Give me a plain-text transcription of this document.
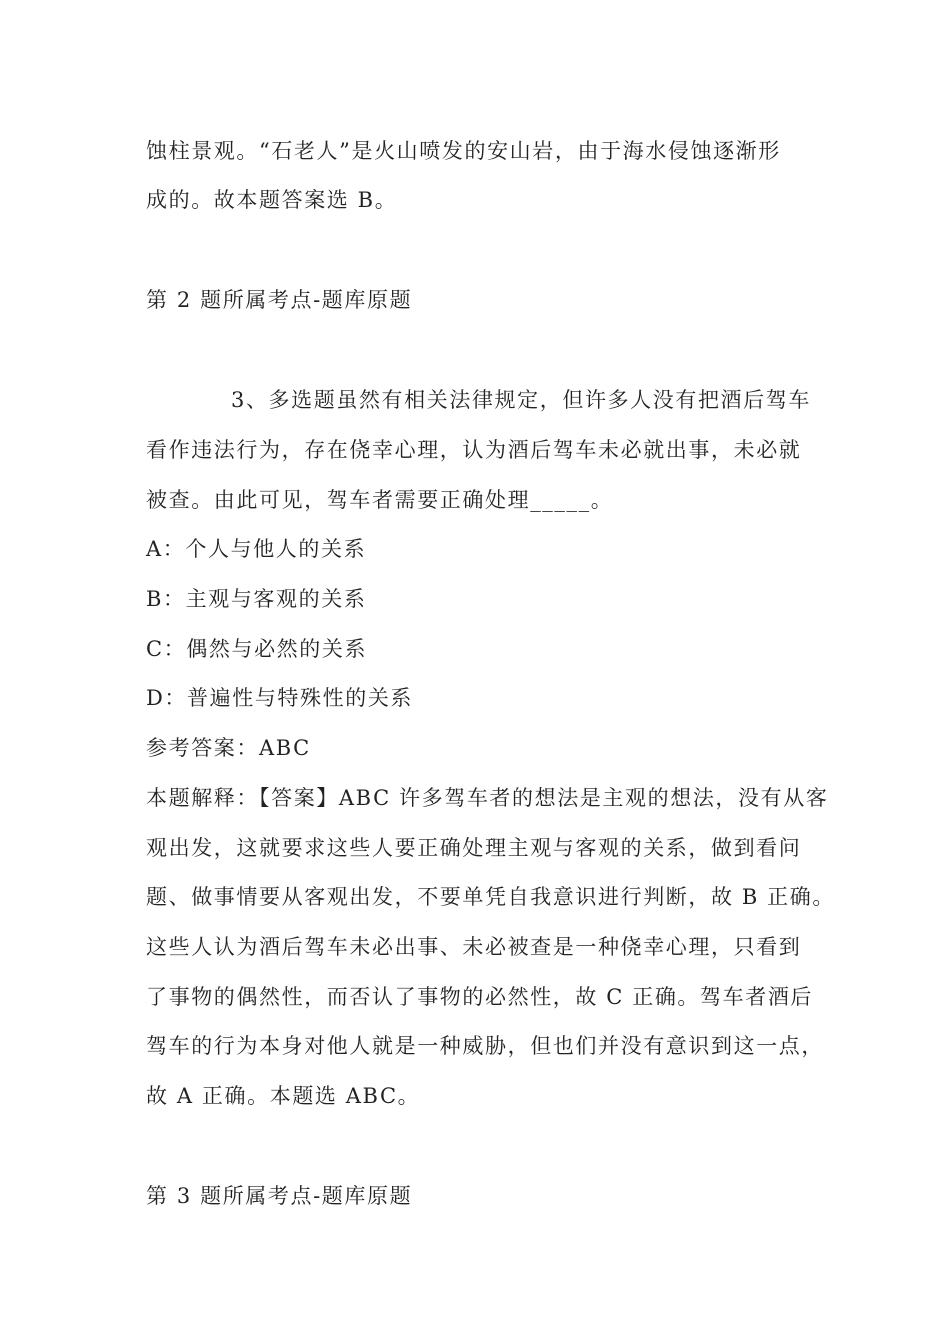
蚀柱景观。“石老人”是火山喷发的安山岩，由于海水侵蚀逐渐形
成的。故本题答案选 B。
第 2 题所属考点-题库原题
3、多选题虽然有相关法律规定，但许多人没有把酒后驾车
看作违法行为，存在侥幸心理，认为酒后驾车未必就出事，未必就
被查。由此可见，驾车者需要正确处理_____。
A：个人与他人的关系
B：主观与客观的关系
C：偶然与必然的关系
D：普遍性与特殊性的关系
参考答案：ABC
本题解释：【答案】ABC 许多驾车者的想法是主观的想法，没有从客
观出发，这就要求这些人要正确处理主观与客观的关系，做到看问
题、做事情要从客观出发，不要单凭自我意识进行判断，故 B 正确。
这些人认为酒后驾车未必出事、未必被查是一种侥幸心理，只看到
了事物的偶然性，而否认了事物的必然性，故 C 正确。驾车者酒后
驾车的行为本身对他人就是一种威胁，但也们并没有意识到这一点，
故 A 正确。本题选 ABC。
第 3 题所属考点-题库原题
